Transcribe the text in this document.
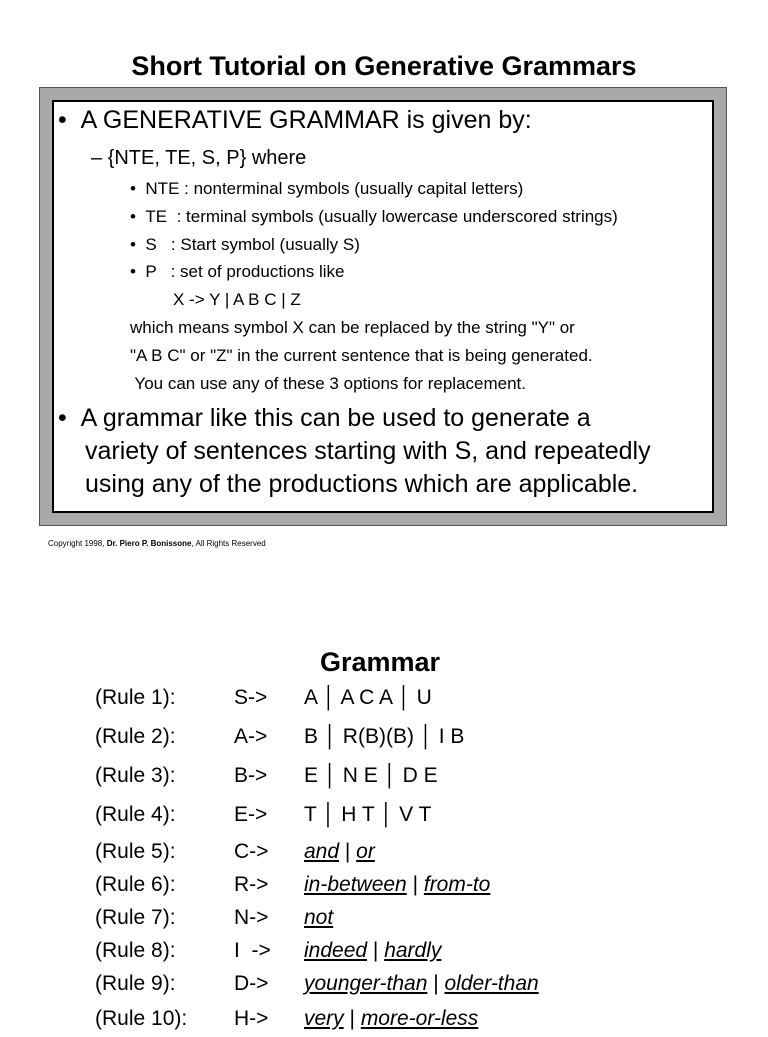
Short Tutorial on Generative Grammars
•  A GENERATIVE GRAMMAR is given by:
– {NTE, TE, S, P} where
•  NTE : nonterminal symbols (usually capital letters)
•  TE  : terminal symbols (usually lowercase underscored strings)
•  S   : Start symbol (usually S)
•  P   : set of productions like
X -> Y | A B C | Z
which means symbol X can be replaced by the string "Y" or
"A B C" or "Z" in the current sentence that is being generated.
You can use any of these 3 options for replacement.
•  A grammar like this can be used to generate a
variety of sentences starting with S, and repeatedly
using any of the productions which are applicable.
Copyright 1998, Dr. Piero P. Bonissone, All Rights Reserved
Grammar
(Rule 1):	S-> A │ A C A │ U
(Rule 2):	A-> B │ R(B)(B) │ I B
(Rule 3):	B-> E │ N E │ D E
(Rule 4):	E-> T │ H T │ V T
(Rule 5):	C-> and | or
(Rule 6):	R-> in-between | from-to
(Rule 7):	N-> not
(Rule 8):	I  -> indeed | hardly
(Rule 9):	D-> younger-than | older-than
(Rule 10): H-> very | more-or-less
